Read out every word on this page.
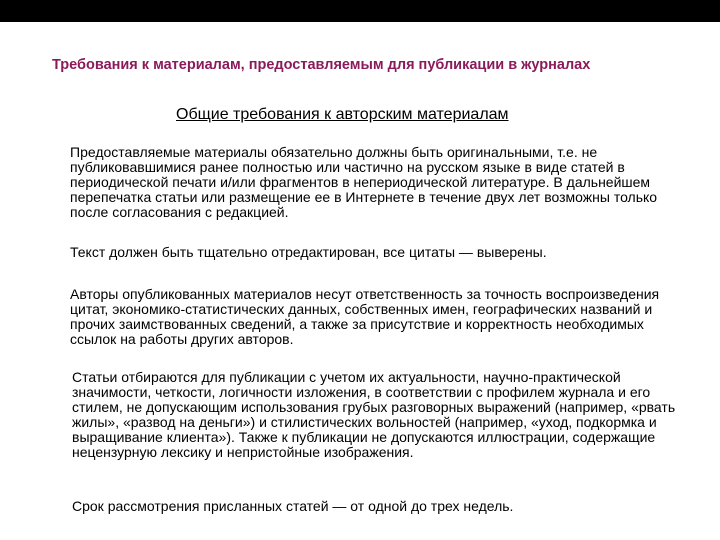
Требования к материалам, предоставляемым для публикации в журналах
Общие требования к авторским материалам

Предоставляемые материалы обязательно должны быть оригинальными, т.е. не публиковавшимися ранее полностью или частично на русском языке в виде статей в периодической печати и/или фрагментов в непериодической литературе. В дальнейшем перепечатка статьи или размещение ее в Интернете в течение двух лет возможны только после согласования с редакцией.

Текст должен быть тщательно отредактирован, все цитаты — выверены.

Авторы опубликованных материалов несут ответственность за точность воспроизведения цитат, экономико-статистических данных, собственных имен, географических названий и прочих заимствованных сведений, а также за присутствие и корректность необходимых ссылок на работы других авторов.

Статьи отбираются для публикации с учетом их актуальности, научно-практической значимости, четкости, логичности изложения, в соответствии с профилем журнала и его стилем, не допускающим использования грубых разговорных выражений (например, «рвать жилы», «развод на деньги») и стилистических вольностей (например, «уход, подкормка и выращивание клиента»). Также к публикации не допускаются иллюстрации, содержащие нецензурную лексику и непристойные изображения.

Срок рассмотрения присланных статей — от одной до трех недель.
